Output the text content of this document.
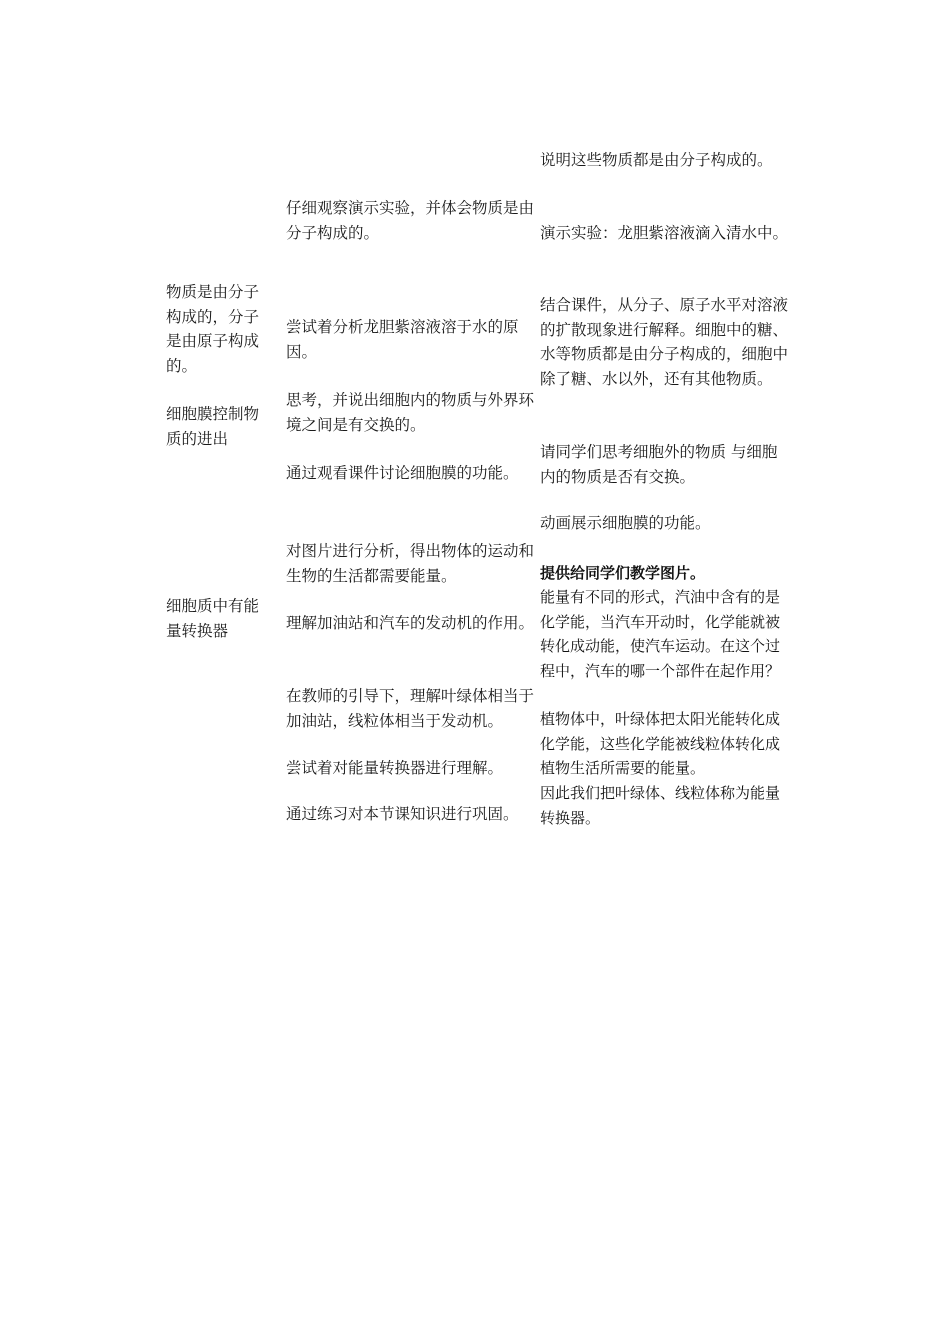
物质是由分子构成的，分子是由原子构成的。

细胞膜控制物质的进出

细胞质中有能量转换器

仔细观察演示实验，并体会物质是由分子构成的。

尝试着分析龙胆紫溶液溶于水的原因。

思考，并说出细胞内的物质与外界环境之间是有交换的。

通过观看课件讨论细胞膜的功能。

对图片进行分析，得出物体的运动和生物的生活都需要能量。

理解加油站和汽车的发动机的作用。

在教师的引导下，理解叶绿体相当于加油站，线粒体相当于发动机。

尝试着对能量转换器进行理解。

通过练习对本节课知识进行巩固。

说明这些物质都是由分子构成的。

演示实验：龙胆紫溶液滴入清水中。

结合课件，从分子、原子水平对溶液的扩散现象进行解释。细胞中的糖、水等物质都是由分子构成的，细胞中除了糖、水以外，还有其他物质。

请同学们思考细胞外的物质 与细胞内的物质是否有交换。

动画展示细胞膜的功能。

提供给同学们教学图片。

能量有不同的形式，汽油中含有的是化学能，当汽车开动时，化学能就被转化成动能，使汽车运动。在这个过程中，汽车的哪一个部件在起作用？

植物体中，叶绿体把太阳光能转化成化学能，这些化学能被线粒体转化成植物生活所需要的能量。

因此我们把叶绿体、线粒体称为能量转换器。
